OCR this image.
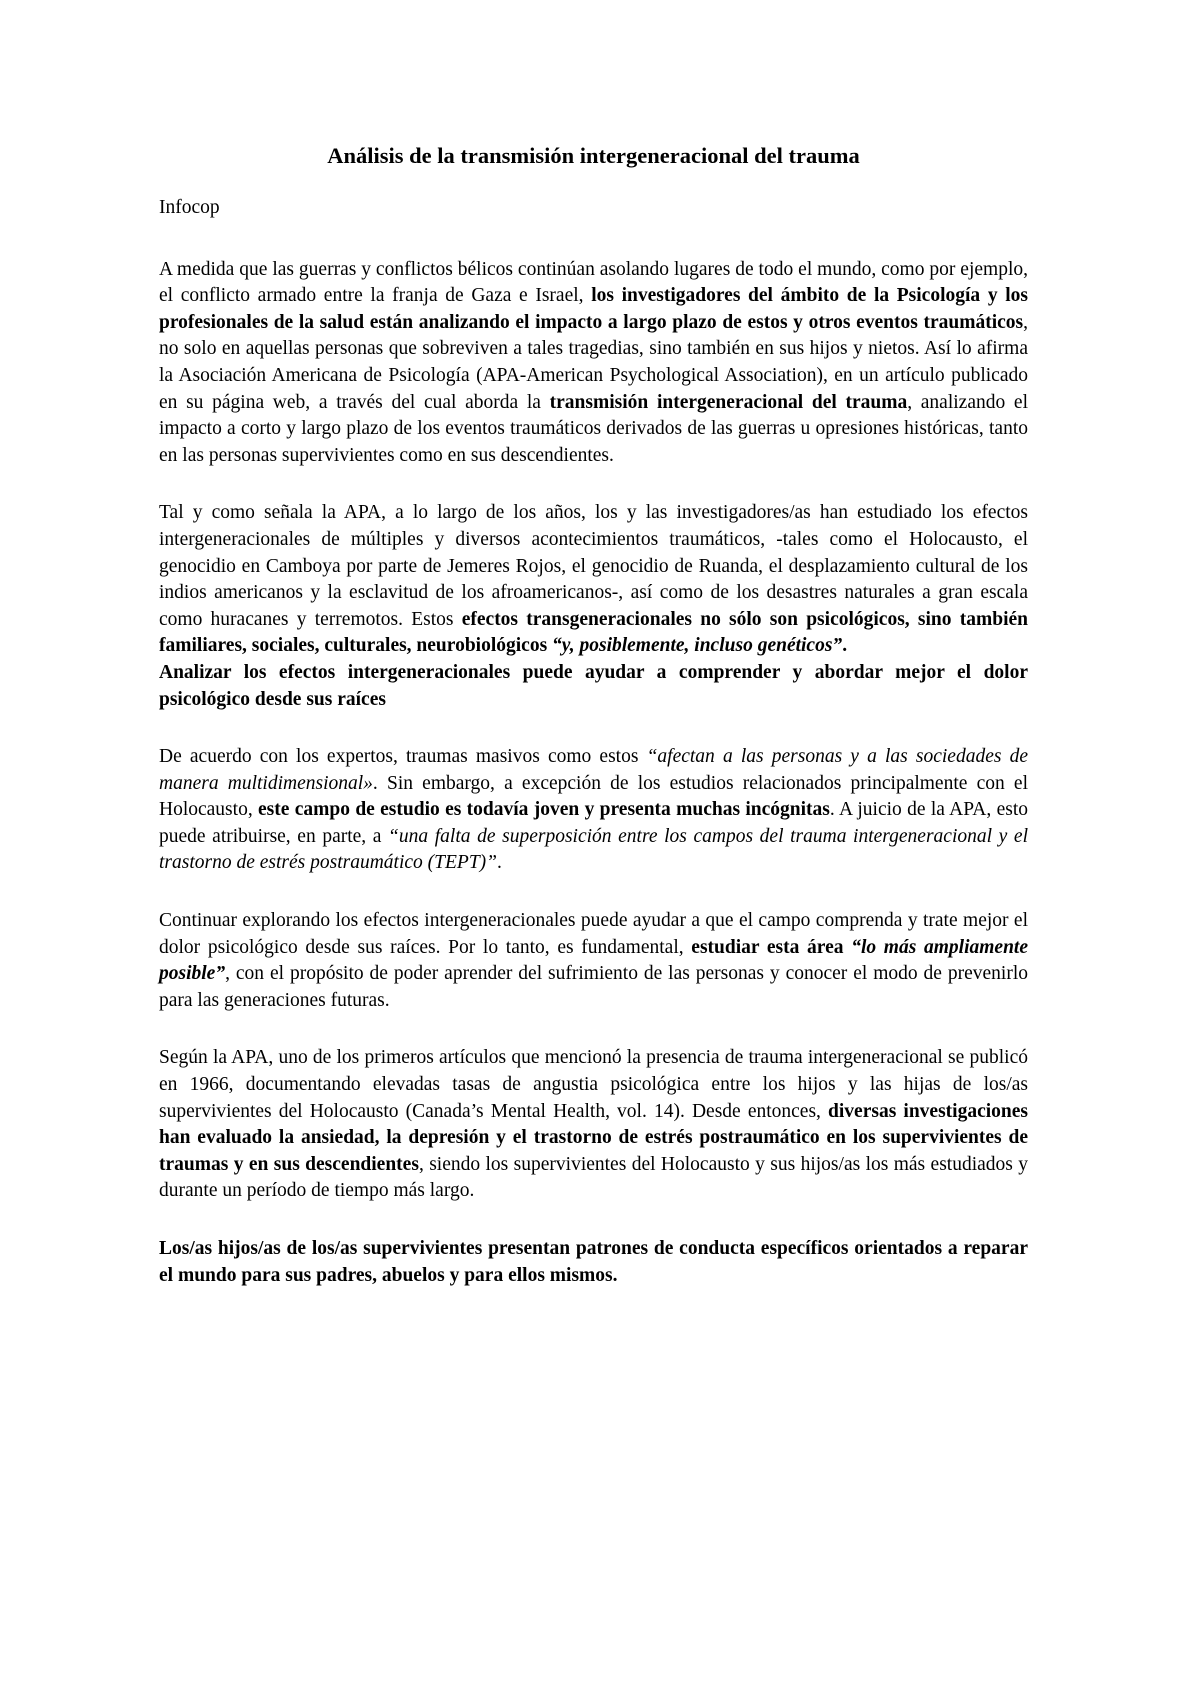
Análisis de la transmisión intergeneracional del trauma

Infocop

A medida que las guerras y conflictos bélicos continúan asolando lugares de todo el mundo, como por ejemplo, el conflicto armado entre la franja de Gaza e Israel, los investigadores del ámbito de la Psicología y los profesionales de la salud están analizando el impacto a largo plazo de estos y otros eventos traumáticos, no solo en aquellas personas que sobreviven a tales tragedias, sino también en sus hijos y nietos. Así lo afirma la Asociación Americana de Psicología (APA-American Psychological Association), en un artículo publicado en su página web, a través del cual aborda la transmisión intergeneracional del trauma, analizando el impacto a corto y largo plazo de los eventos traumáticos derivados de las guerras u opresiones históricas, tanto en las personas supervivientes como en sus descendientes.

Tal y como señala la APA, a lo largo de los años, los y las investigadores/as han estudiado los efectos intergeneracionales de múltiples y diversos acontecimientos traumáticos, -tales como el Holocausto, el genocidio en Camboya por parte de Jemeres Rojos, el genocidio de Ruanda, el desplazamiento cultural de los indios americanos y la esclavitud de los afroamericanos-, así como de los desastres naturales a gran escala como huracanes y terremotos. Estos efectos transgeneracionales no sólo son psicológicos, sino también familiares, sociales, culturales, neurobiológicos “y, posiblemente, incluso genéticos”.

Analizar los efectos intergeneracionales puede ayudar a comprender y abordar mejor el dolor psicológico desde sus raíces

De acuerdo con los expertos, traumas masivos como estos “afectan a las personas y a las sociedades de manera multidimensional». Sin embargo, a excepción de los estudios relacionados principalmente con el Holocausto, este campo de estudio es todavía joven y presenta muchas incógnitas. A juicio de la APA, esto puede atribuirse, en parte, a “una falta de superposición entre los campos del trauma intergeneracional y el trastorno de estrés postraumático (TEPT)”.

Continuar explorando los efectos intergeneracionales puede ayudar a que el campo comprenda y trate mejor el dolor psicológico desde sus raíces. Por lo tanto, es fundamental, estudiar esta área “lo más ampliamente posible”, con el propósito de poder aprender del sufrimiento de las personas y conocer el modo de prevenirlo para las generaciones futuras.

Según la APA, uno de los primeros artículos que mencionó la presencia de trauma intergeneracional se publicó en 1966, documentando elevadas tasas de angustia psicológica entre los hijos y las hijas de los/as supervivientes del Holocausto (Canada’s Mental Health, vol. 14). Desde entonces, diversas investigaciones han evaluado la ansiedad, la depresión y el trastorno de estrés postraumático en los supervivientes de traumas y en sus descendientes, siendo los supervivientes del Holocausto y sus hijos/as los más estudiados y durante un período de tiempo más largo.

Los/as hijos/as de los/as supervivientes presentan patrones de conducta específicos orientados a reparar el mundo para sus padres, abuelos y para ellos mismos.
